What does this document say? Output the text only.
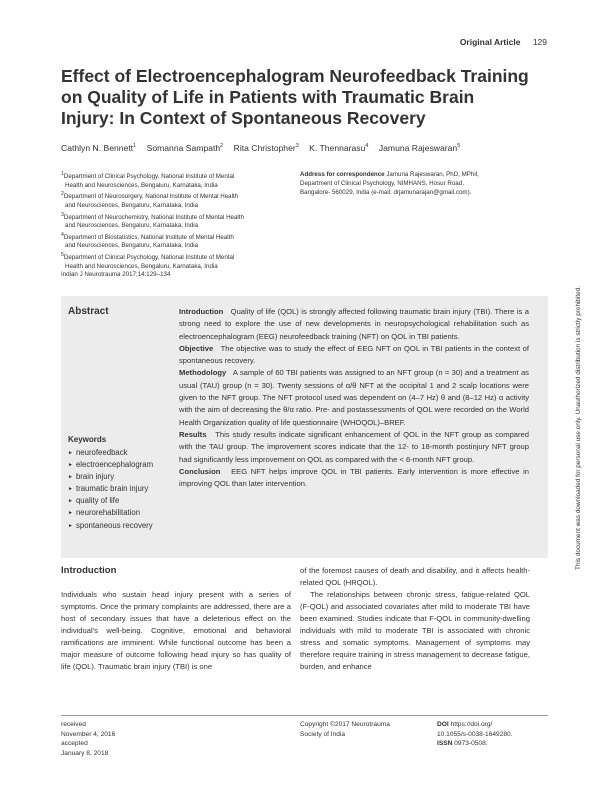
Original Article 129
Effect of Electroencephalogram Neurofeedback Training on Quality of Life in Patients with Traumatic Brain Injury: In Context of Spontaneous Recovery
Cathlyn N. Bennett$^1$ Somanna Sampath$^2$ Rita Christopher$^3$ K. Thennarasu$^4$ Jamuna Rajeswaran$^5$
$^1$Department of Clinical Psychology, National Institute of Mental
Health and Neurosciences, Bengaluru, Karnataka, India
$^2$Department of Neurosurgery, National Institute of Mental Health
and Neurosciences, Bengaluru, Karnataka, India
$^3$Department of Neurochemistry, National Institute of Mental Health
and Neurosciences, Bengaluru, Karnataka, India
$^4$Department of Biostatistics, National Institute of Mental Health
and Neurosciences, Bengaluru, Karnataka, India
$^5$Department of Clinical Psychology, National Institute of Mental
Health and Neurosciences, Bengaluru, Karnataka, India
Address for correspondence Jamuna Rajeswaran, PhD, MPhil,
Department of Clinical Psychology, NIMHANS, Hosur Road,
Bangalore- 560029, India (e-mail: drjamunarajan@gmail.com).
Indian J Neurotrauma 2017;14:129–134
Abstract
Keywords
► neurofeedback
► electroencephalogram
► brain injury
► traumatic brain injury
► quality of life
► neurorehabilitation
► spontaneous recovery

Introduction Quality of life (QOL) is strongly affected following traumatic brain injury (TBI). There is a strong need to explore the use of new developments in neuropsychological rehabilitation such as electroencephalogram (EEG) neurofeedback training (NFT) on QOL in TBI patients.

Objective The objective was to study the effect of EEG NFT on QOL in TBI patients in the context of spontaneous recovery.

Methodology A sample of 60 TBI patients was assigned to an NFT group (n = 30) and a treatment as usual (TAU) group (n = 30). Twenty sessions of α/θ NFT at the occipital 1 and 2 scalp locations were given to the NFT group. The NFT protocol used was dependent on (4–7 Hz) θ and (8–12 Hz) α activity with the aim of decreasing the θ/α ratio. Pre- and postassessments of QOL were recorded on the World Health Organization quality of life questionnaire (WHOQOL)–BREF.

Results This study results indicate significant enhancement of QOL in the NFT group as compared with the TAU group. The improvement scores indicate that the 12- to 18-month postinjury NFT group had significantly less improvement on QOL as compared with the < 6-month NFT group.

Conclusion EEG NFT helps improve QOL in TBI patients. Early intervention is more effective in improving QOL than later intervention.	This document was downloaded for personal use only. Unauthorized distribution is strictly prohibited.
Introduction

Individuals who sustain head injury present with a series of symptoms. Once the primary complaints are addressed, there are a host of secondary issues that have a deleterious effect on the individual's well-being. Cognitive, emotional and behavioral ramifications are imminent. While functional outcome has been a major measure of outcome following head injury so has quality of life (QOL). Traumatic brain injury (TBI) is one

of the foremost causes of death and disability, and it affects health-related QOL (HRQOL).

The relationships between chronic stress, fatigue-related QOL (F-QOL) and associated covariates after mild to moderate TBI have been examined. Studies indicate that F-QOL in community-dwelling individuals with mild to moderate TBI is associated with chronic stress and somatic symptoms. Management of symptoms may therefore require training in stress management to decrease fatigue, burden, and enhance

received
November 4, 2016
accepted
January 8, 2018
Copyright ©2017 Neurotrauma
Society of India
DOI https://doi.org/
10.1055/s-0038-1649280.
ISSN 0973-0508.
